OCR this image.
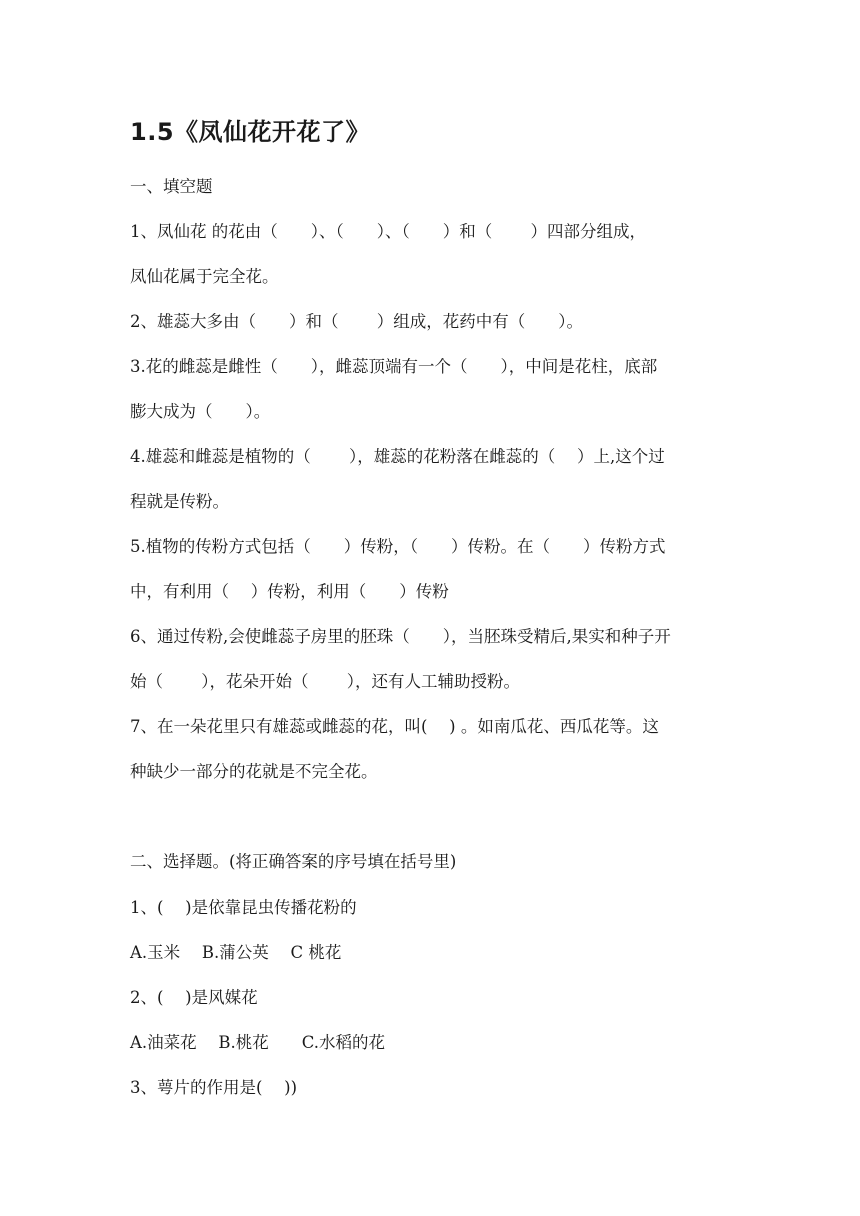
1.5《凤仙花开花了》
一、填空题
1、凤仙花 的花由（　　）、（　　）、（　　）和（　　 ）四部分组成，
凤仙花属于完全花。
2、雄蕊大多由（　　）和（　　 ）组成，花药中有（　　）。
3.花的雌蕊是雌性（　　），雌蕊顶端有一个（　　），中间是花柱，底部
膨大成为（　　）。
4.雄蕊和雌蕊是植物的（　　 ），雄蕊的花粉落在雌蕊的（　 ）上,这个过
程就是传粉。
5.植物的传粉方式包括（　　）传粉，（　　）传粉。在（　　）传粉方式
中，有利用（　 ）传粉，利用（　　）传粉
6、通过传粉,会使雌蕊子房里的胚珠（　　），当胚珠受精后,果实和种子开
始（　　 ），花朵开始（　　 ），还有人工辅助授粉。
7、在一朵花里只有雄蕊或雌蕊的花，叫(　 ) 。如南瓜花、西瓜花等。这
种缺少一部分的花就是不完全花。
二、选择题。(将正确答案的序号填在括号里)
1、(　 )是依靠昆虫传播花粉的
A.玉米　 B.蒲公英　 C 桃花
2、(　 )是风媒花
A.油菜花　 B.桃花　　C.水稻的花
3、萼片的作用是(　 ))
